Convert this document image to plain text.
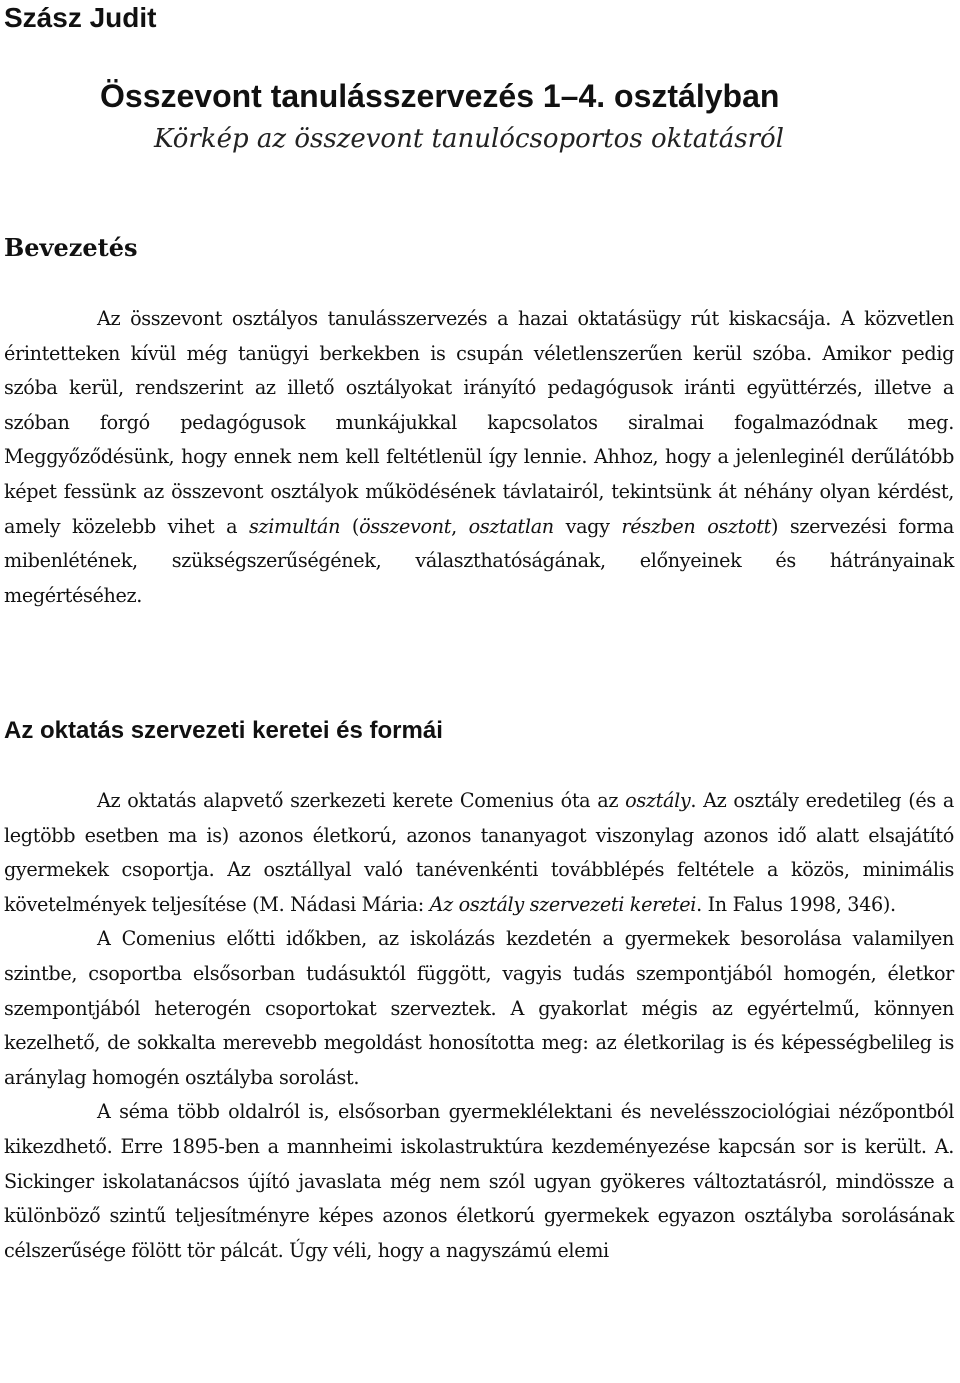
Szász Judit
Összevont tanulásszervezés 1–4. osztályban
Körkép az összevont tanulócsoportos oktatásról
Bevezetés

Az összevont osztályos tanulásszervezés a hazai oktatásügy rút kiskacsája. A közvetlen érintetteken kívül még tanügyi berkekben is csupán véletlenszerűen kerül szóba. Amikor pedig szóba kerül, rendszerint az illető osztályokat irányító pedagógusok iránti együttérzés, illetve a szóban forgó pedagógusok munkájukkal kapcsolatos siralmai fogalmazódnak meg. Meggyőződésünk, hogy ennek nem kell feltétlenül így lennie. Ahhoz, hogy a jelenleginél derűlátóbb képet fessünk az összevont osztályok működésének távlatairól, tekintsünk át néhány olyan kérdést, amely közelebb vihet a szimultán (összevont, osztatlan vagy részben osztott) szervezési forma mibenlétének, szükségszerűségének, választhatóságának, előnyeinek és hátrányainak megértéséhez.

Az oktatás szervezeti keretei és formái

Az oktatás alapvető szerkezeti kerete Comenius óta az osztály. Az osztály eredetileg (és a legtöbb esetben ma is) azonos életkorú, azonos tananyagot viszonylag azonos idő alatt elsajátító gyermekek csoportja. Az osztállyal való tanévenkénti továbblépés feltétele a közös, minimális követelmények teljesítése (M. Nádasi Mária: Az osztály szervezeti keretei. In Falus 1998, 346).

A Comenius előtti időkben, az iskolázás kezdetén a gyermekek besorolása valamilyen szintbe, csoportba elsősorban tudásuktól függött, vagyis tudás szempontjából homogén, életkor szempontjából heterogén csoportokat szerveztek. A gyakorlat mégis az egyértelmű, könnyen kezelhető, de sokkalta merevebb megoldást honosította meg: az életkorilag is és képességbelileg is aránylag homogén osztályba sorolást.

A séma több oldalról is, elsősorban gyermeklélektani és nevelésszociológiai nézőpontból kikezdhető. Erre 1895-ben a mannheimi iskolastruktúra kezdeményezése kapcsán sor is került. A. Sickinger iskolatanácsos újító javaslata még nem szól ugyan gyökeres változtatásról, mindössze a különböző szintű teljesítményre képes azonos életkorú gyermekek egyazon osztályba sorolásának célszerűsége fölött tör pálcát. Úgy véli, hogy a nagyszámú elemi
